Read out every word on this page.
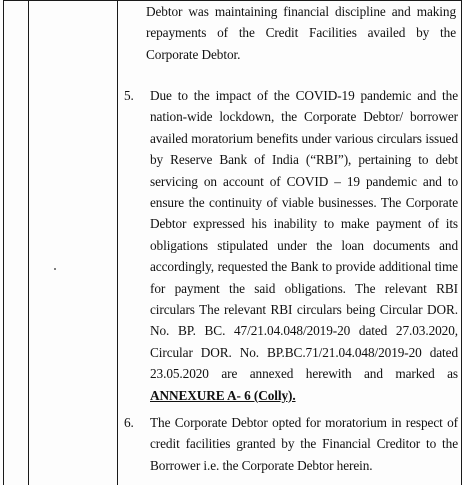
Debtor was maintaining financial discipline and making repayments of the Credit Facilities availed by the Corporate Debtor.
5.	Due to the impact of the COVID-19 pandemic and the nation-wide lockdown, the Corporate Debtor/ borrower availed moratorium benefits under various circulars issued by Reserve Bank of India (“RBI”), pertaining to debt servicing on account of COVID – 19 pandemic and to ensure the continuity of viable businesses. The Corporate Debtor expressed his inability to make payment of its obligations stipulated under the loan documents and accordingly, requested the Bank to provide additional time for payment the said obligations. The relevant RBI circulars The relevant RBI circulars being Circular DOR. No. BP. BC. 47/21.04.048/2019-20 dated 27.03.2020, Circular DOR. No. BP.BC.71/21.04.048/2019-20 dated 23.05.2020 are annexed herewith and marked as ANNEXURE A- 6 (Colly).
6.	The Corporate Debtor opted for moratorium in respect of credit facilities granted by the Financial Creditor to the Borrower i.e. the Corporate Debtor herein.
